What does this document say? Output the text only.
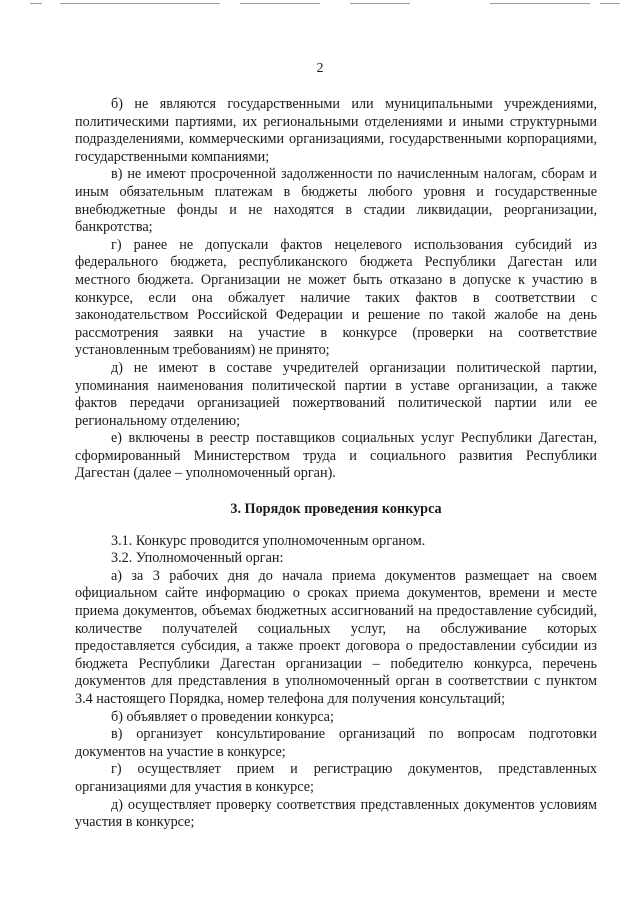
2

б) не являются государственными или муниципальными учреждениями, политическими партиями, их региональными отделениями и иными структурными подразделениями, коммерческими организациями, государственными корпорациями, государственными компаниями;

в) не имеют просроченной задолженности по начисленным налогам, сборам и иным обязательным платежам в бюджеты любого уровня и государственные внебюджетные фонды и не находятся в стадии ликвидации, реорганизации, банкротства;

г) ранее не допускали фактов нецелевого использования субсидий из федерального бюджета, республиканского бюджета Республики Дагестан или местного бюджета. Организации не может быть отказано в допуске к участию в конкурсе, если она обжалует наличие таких фактов в соответствии с законодательством Российской Федерации и решение по такой жалобе на день рассмотрения заявки на участие в конкурсе (проверки на соответствие установленным требованиям) не принято;

д) не имеют в составе учредителей организации политической партии, упоминания наименования политической партии в уставе организации, а также фактов передачи организацией пожертвований политической партии или ее региональному отделению;

е) включены в реестр поставщиков социальных услуг Республики Дагестан, сформированный Министерством труда и социального развития Республики Дагестан (далее – уполномоченный орган).

3. Порядок проведения конкурса

3.1. Конкурс проводится уполномоченным органом.

3.2. Уполномоченный орган:

а) за 3 рабочих дня до начала приема документов размещает на своем официальном сайте информацию о сроках приема документов, времени и месте приема документов, объемах бюджетных ассигнований на предоставление субсидий, количестве получателей социальных услуг, на обслуживание которых предоставляется субсидия, а также проект договора о предоставлении субсидии из бюджета Республики Дагестан организации – победителю конкурса, перечень документов для представления в уполномоченный орган в соответствии с пунктом 3.4 настоящего Порядка, номер телефона для получения консультаций;

б) объявляет о проведении конкурса;

в) организует консультирование организаций по вопросам подготовки документов на участие в конкурсе;

г) осуществляет прием и регистрацию документов, представленных организациями для участия в конкурсе;

д) осуществляет проверку соответствия представленных документов условиям участия в конкурсе;
